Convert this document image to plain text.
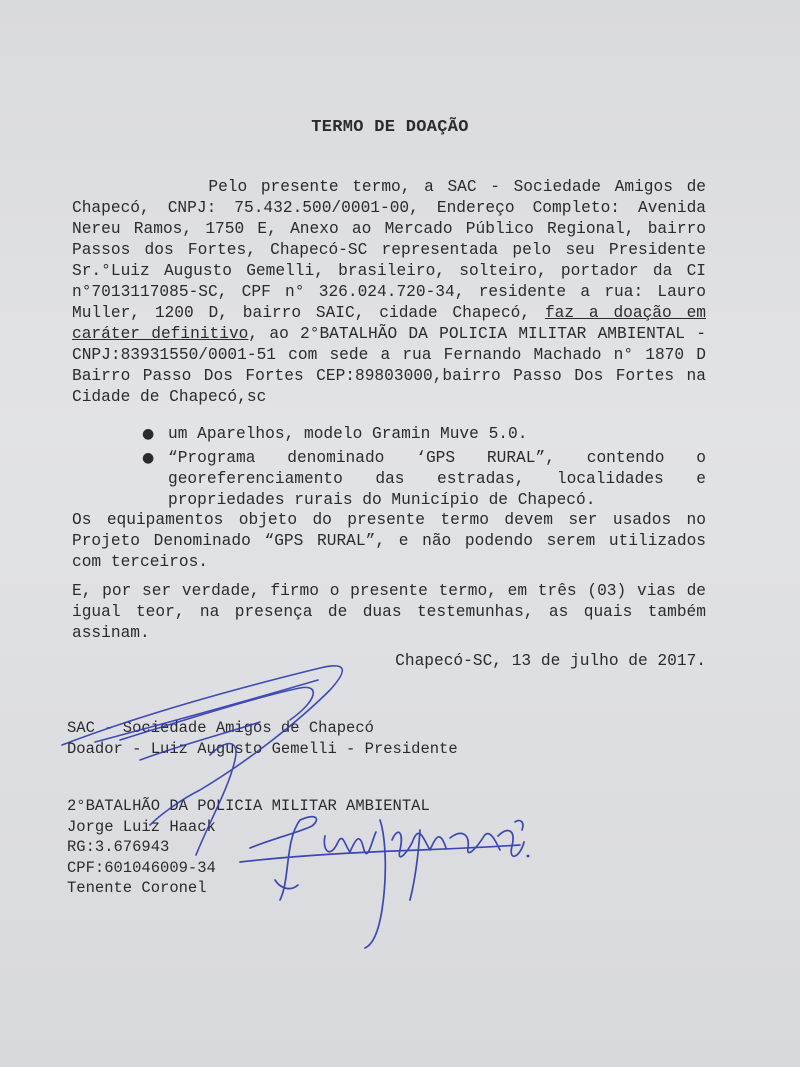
TERMO DE DOAÇÃO
Pelo presente termo, a SAC - Sociedade Amigos de
Chapecó, CNPJ: 75.432.500/0001-00, Endereço Completo: Avenida
Nereu Ramos, 1750 E, Anexo ao Mercado Público Regional, bairro
Passos dos Fortes, Chapecó-SC representada pelo seu Presidente
Sr.°Luiz Augusto Gemelli, brasileiro, solteiro, portador da CI
n°7013117085-SC, CPF n° 326.024.720-34, residente a rua: Lauro
Muller, 1200 D, bairro SAIC, cidade Chapecó, faz a doação em
caráter definitivo, ao 2°BATALHÃO DA POLICIA MILITAR AMBIENTAL -
CNPJ:83931550/0001-51 com sede a rua Fernando Machado n° 1870 D
Bairro Passo Dos Fortes CEP:89803000,bairro Passo Dos Fortes na
Cidade de Chapecó,sc
● um Aparelhos, modelo Gramin Muve 5.0.
● “Programa denominado ‘GPS RURAL”, contendo o
georeferenciamento das estradas, localidades e
propriedades rurais do Município de Chapecó.
Os equipamentos objeto do presente termo devem ser usados no
Projeto Denominado “GPS RURAL”, e não podendo serem utilizados
com terceiros.
E, por ser verdade, firmo o presente termo, em três (03) vias de
igual teor, na presença de duas testemunhas, as quais também
assinam.
Chapecó-SC, 13 de julho de 2017.
SAC - Sociedade Amigos de Chapecó
Doador - Luiz Augusto Gemelli - Presidente
2°BATALHÃO DA POLICIA MILITAR AMBIENTAL
Jorge Luiz Haack
RG:3.676943
CPF:601046009-34
Tenente Coronel
